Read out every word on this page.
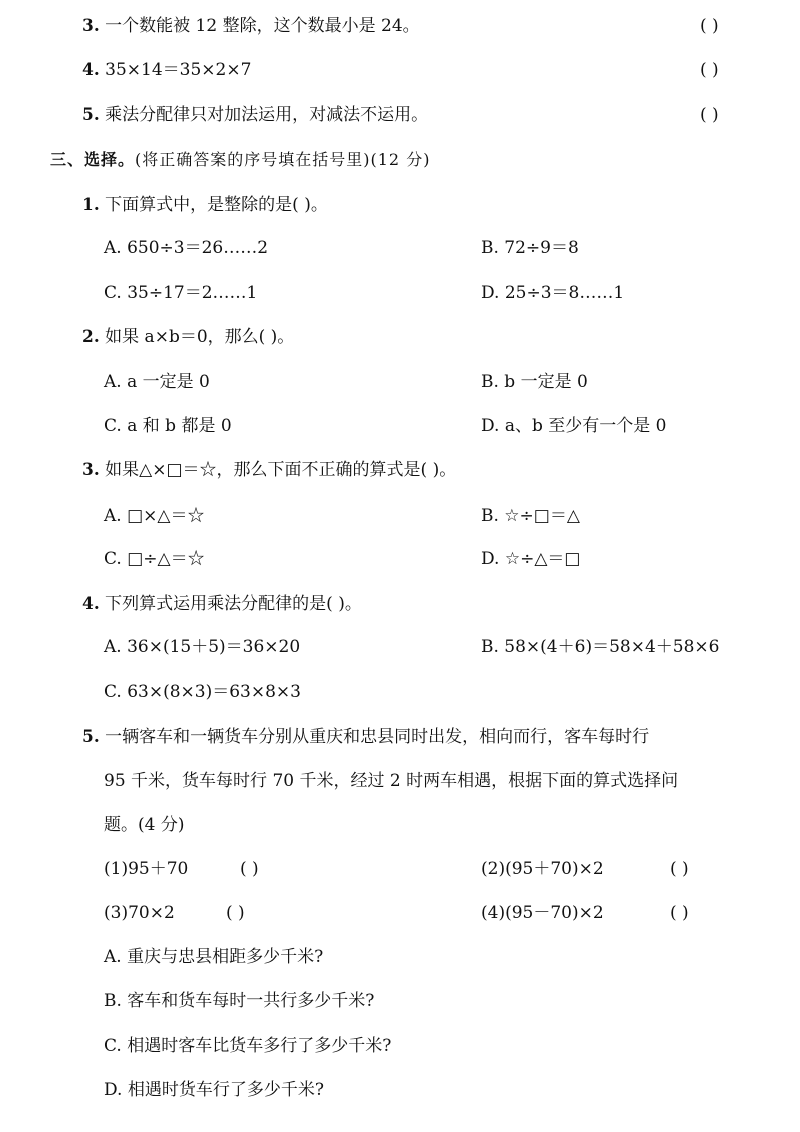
3. 一个数能被 12 整除，这个数最小是 24。	( )
4. 35×14＝35×2×7	( )
5. 乘法分配律只对加法运用，对减法不运用。	( )
三、选择。(将正确答案的序号填在括号里)(12 分)
1. 下面算式中，是整除的是( )。
A. 650÷3＝26……2	B. 72÷9＝8
C. 35÷17＝2……1	D. 25÷3＝8……1
2. 如果 a×b＝0，那么( )。
A. a 一定是 0	B. b 一定是 0
C. a 和 b 都是 0	D. a、b 至少有一个是 0
3. 如果△×□＝☆，那么下面不正确的算式是( )。
A. □×△＝☆	B. ☆÷□＝△
C. □÷△＝☆	D. ☆÷△＝□
4. 下列算式运用乘法分配律的是( )。
A. 36×(15＋5)＝36×20	B. 58×(4＋6)＝58×4＋58×6
C. 63×(8×3)＝63×8×3
5. 一辆客车和一辆货车分别从重庆和忠县同时出发，相向而行，客车每时行
95 千米，货车每时行 70 千米，经过 2 时两车相遇，根据下面的算式选择问
题。(4 分)
(1)95＋70	( )	(2)(95＋70)×2	( )
(3)70×2	( )	(4)(95－70)×2	( )
A. 重庆与忠县相距多少千米?
B. 客车和货车每时一共行多少千米?
C. 相遇时客车比货车多行了多少千米?
D. 相遇时货车行了多少千米?
